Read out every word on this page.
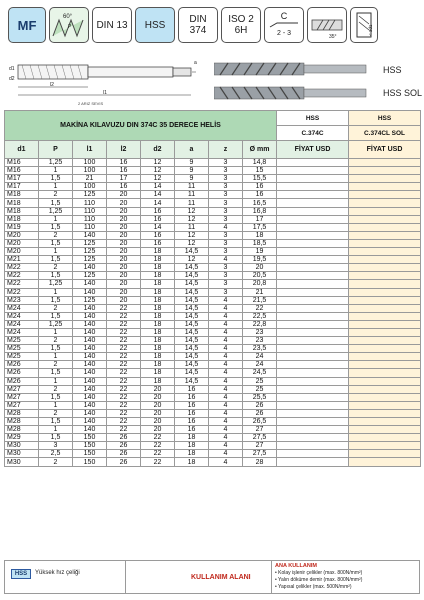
MF
60°
P	DIN 13	HSS	DIN
374
ISO 2
6H
C
2 - 3	35°
< 3d1
d1
d2
a
l2
l1
2 ARIZ SEVIS
HSS
HSS SOL
MAKİNA KILAVUZU DIN 374C 35 DERECE HELİS								HSS	HSS
								C.374C	C.374CL SOL
d1	P	l1	l2	d2	a	z	Ø mm	FİYAT USD	FİYAT USD
M16	1,25	100	16	12	9	3	14,8		
M16	1	100	16	12	9	3	15		
M17	1,5	21	17	12	9	3	15,5		
M17	1	100	16	14	11	3	16		
M18	2	125	20	14	11	3	16		
M18	1,5	110	20	14	11	3	16,5		
M18	1,25	110	20	16	12	3	16,8		
M18	1	110	20	16	12	3	17		
M19	1,5	110	20	14	11	4	17,5		
M20	2	140	20	16	12	3	18		
M20	1,5	125	20	16	12	3	18,5		
M20	1	125	20	18	14,5	3	19		
M21	1,5	125	20	18	12	4	19,5		
M22	2	140	20	18	14,5	3	20		
M22	1,5	125	20	18	14,5	3	20,5		
M22	1,25	140	20	18	14,5	3	20,8		
M22	1	140	20	18	14,5	3	21		
M23	1,5	125	20	18	14,5	4	21,5		
M24	2	140	22	18	14,5	4	22		
M24	1,5	140	22	18	14,5	4	22,5		
M24	1,25	140	22	18	14,5	4	22,8		
M24	1	140	22	18	14,5	4	23		
M25	2	140	22	18	14,5	4	23		
M25	1,5	140	22	18	14,5	4	23,5		
M25	1	140	22	18	14,5	4	24		
M26	2	140	22	18	14,5	4	24		
M26	1,5	140	22	18	14,5	4	24,5		
M26	1	140	22	18	14,5	4	25		
M27	2	140	22	20	16	4	25		
M27	1,5	140	22	20	16	4	25,5		
M27	1	140	22	20	16	4	26		
M28	2	140	22	20	16	4	26		
M28	1,5	140	22	20	16	4	26,5		
M28	1	140	22	20	16	4	27		
M29	1,5	150	26	22	18	4	27,5		
M30	3	150	26	22	18	4	27		
M30	2,5	150	26	22	18	4	27,5		
M30	2	150	26	22	18	4	28		
HSS	Yüksek hız çeliği
KULLANIM ALANI
ANA KULLANIM
• Kolay işlenir çelikler (max. 800N/mm²)
• Yalın döküme demir (max. 800N/mm²)
• Yapısal çelikler (max. 500N/mm²)
